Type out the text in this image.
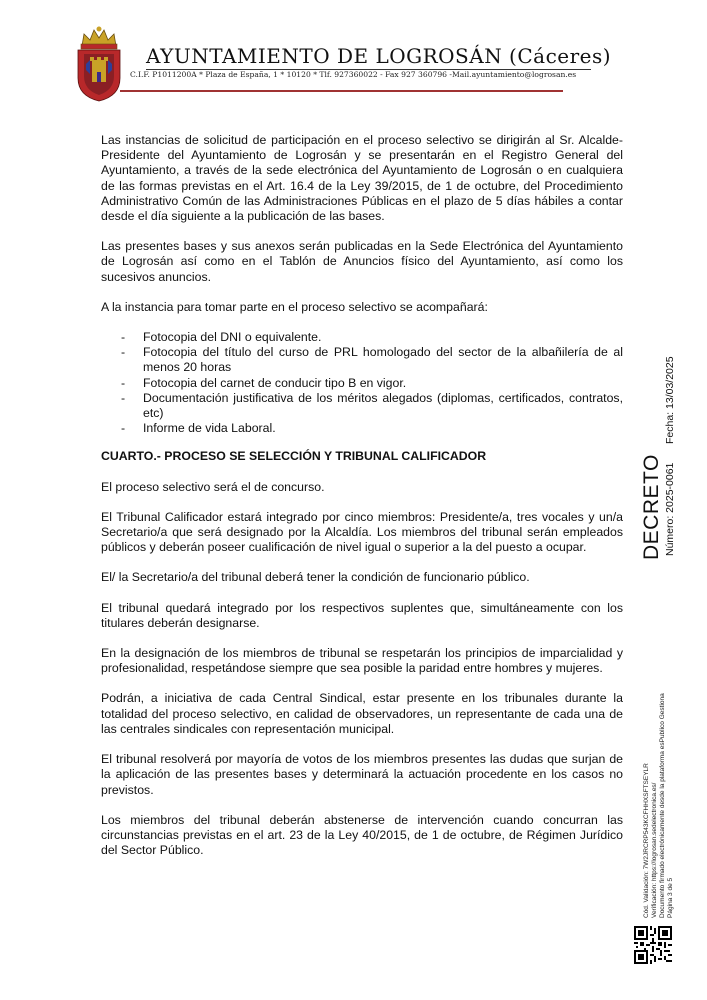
AYUNTAMIENTO DE LOGROSÁN (Cáceres)
C.I.F. P1011200A * Plaza de España, 1 * 10120 * Tlf. 927360022 - Fax 927 360796 -Mail.ayuntamiento@logrosan.es

Las instancias de solicitud de participación en el proceso selectivo se dirigirán al Sr. Alcalde-Presidente del Ayuntamiento de Logrosán y se presentarán en el Registro General del Ayuntamiento, a través de la sede electrónica del Ayuntamiento de Logrosán o en cualquiera de las formas previstas en el Art. 16.4 de la Ley 39/2015, de 1 de octubre, del Procedimiento Administrativo Común de las Administraciones Públicas en el plazo de 5 días hábiles a contar desde el día siguiente a la publicación de las bases.

Las presentes bases y sus anexos serán publicadas en la Sede Electrónica del Ayuntamiento de Logrosán así como en el Tablón de Anuncios físico del Ayuntamiento, así como los sucesivos anuncios.

A la instancia para tomar parte en el proceso selectivo se acompañará:

- Fotocopia del DNI o equivalente.
- Fotocopia del título del curso de PRL homologado del sector de la albañilería de al menos 20 horas
- Fotocopia del carnet de conducir tipo B en vigor.
- Documentación justificativa de los méritos alegados (diplomas, certificados, contratos, etc)
- Informe de vida Laboral.
CUARTO.- PROCESO SE SELECCIÓN Y TRIBUNAL CALIFICADOR

El proceso selectivo será el de concurso.

El Tribunal Calificador estará integrado por cinco miembros: Presidente/a, tres vocales y un/a Secretario/a que será designado por la Alcaldía. Los miembros del tribunal serán empleados públicos y deberán poseer cualificación de nivel igual o superior a la del puesto a ocupar.

El/ la Secretario/a del tribunal deberá tener la condición de funcionario público.

El tribunal quedará integrado por los respectivos suplentes que, simultáneamente con los titulares deberán designarse.

En la designación de los miembros de tribunal se respetarán los principios de imparcialidad y profesionalidad, respetándose siempre que sea posible la paridad entre hombres y mujeres.

Podrán, a iniciativa de cada Central Sindical, estar presente en los tribunales durante la totalidad del proceso selectivo, en calidad de observadores, un representante de cada una de las centrales sindicales con representación municipal.

El tribunal resolverá por mayoría de votos de los miembros presentes las dudas que surjan de la aplicación de las presentes bases y determinará la actuación procedente en los casos no previstos.

Los miembros del tribunal deberán abstenerse de intervención cuando concurran las circunstancias previstas en el art. 23 de la Ley 40/2015, de 1 de octubre, de Régimen Jurídico del Sector Público.

DECRETO Número: 2025-0061
Fecha: 13/03/2025
Cód. Validación: 7W2JRCRP543KCFHHXSFTSEYLR Verificación: https://logrosan.sedelectronica.es/ Documento firmado electrónicamente desde la plataforma esPublico Gestiona Página 3 de 5
